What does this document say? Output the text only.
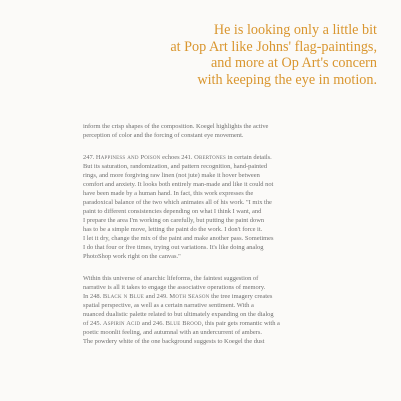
He is looking only a little bit
at Pop Art like Johns' flag-paintings,
and more at Op Art's concern
with keeping the eye in motion.

inform the crisp shapes of the composition. Koegel highlights the active
perception of color and the forcing of constant eye movement.

247. Happiness and Poison echoes 241. Obertones in certain details.
But its saturation, randomization, and pattern recognition, hand-painted
rings, and more forgiving raw linen (not jute) make it hover between
comfort and anxiety. It looks both entirely man-made and like it could not
have been made by a human hand. In fact, this work expresses the
paradoxical balance of the two which animates all of his work. "I mix the
paint to different consistencies depending on what I think I want, and
I prepare the area I'm working on carefully, but putting the paint down
has to be a simple move, letting the paint do the work. I don't force it.
I let it dry, change the mix of the paint and make another pass. Sometimes
I do that four or five times, trying out variations. It's like doing analog
PhotoShop work right on the canvas."

Within this universe of anarchic lifeforms, the faintest suggestion of
narrative is all it takes to engage the associative operations of memory.
In 248. Black n Blue and 249. Moth Season the tree imagery creates
spatial perspective, as well as a certain narrative sentiment. With a
nuanced dualistic palette related to but ultimately expanding on the dialog
of 245. Aspirin Acid and 246. Blue Brood, this pair gets romantic with a
poetic moonlit feeling, and autumnal with an undercurrent of ambers.
The powdery white of the one background suggests to Koegel the dust
